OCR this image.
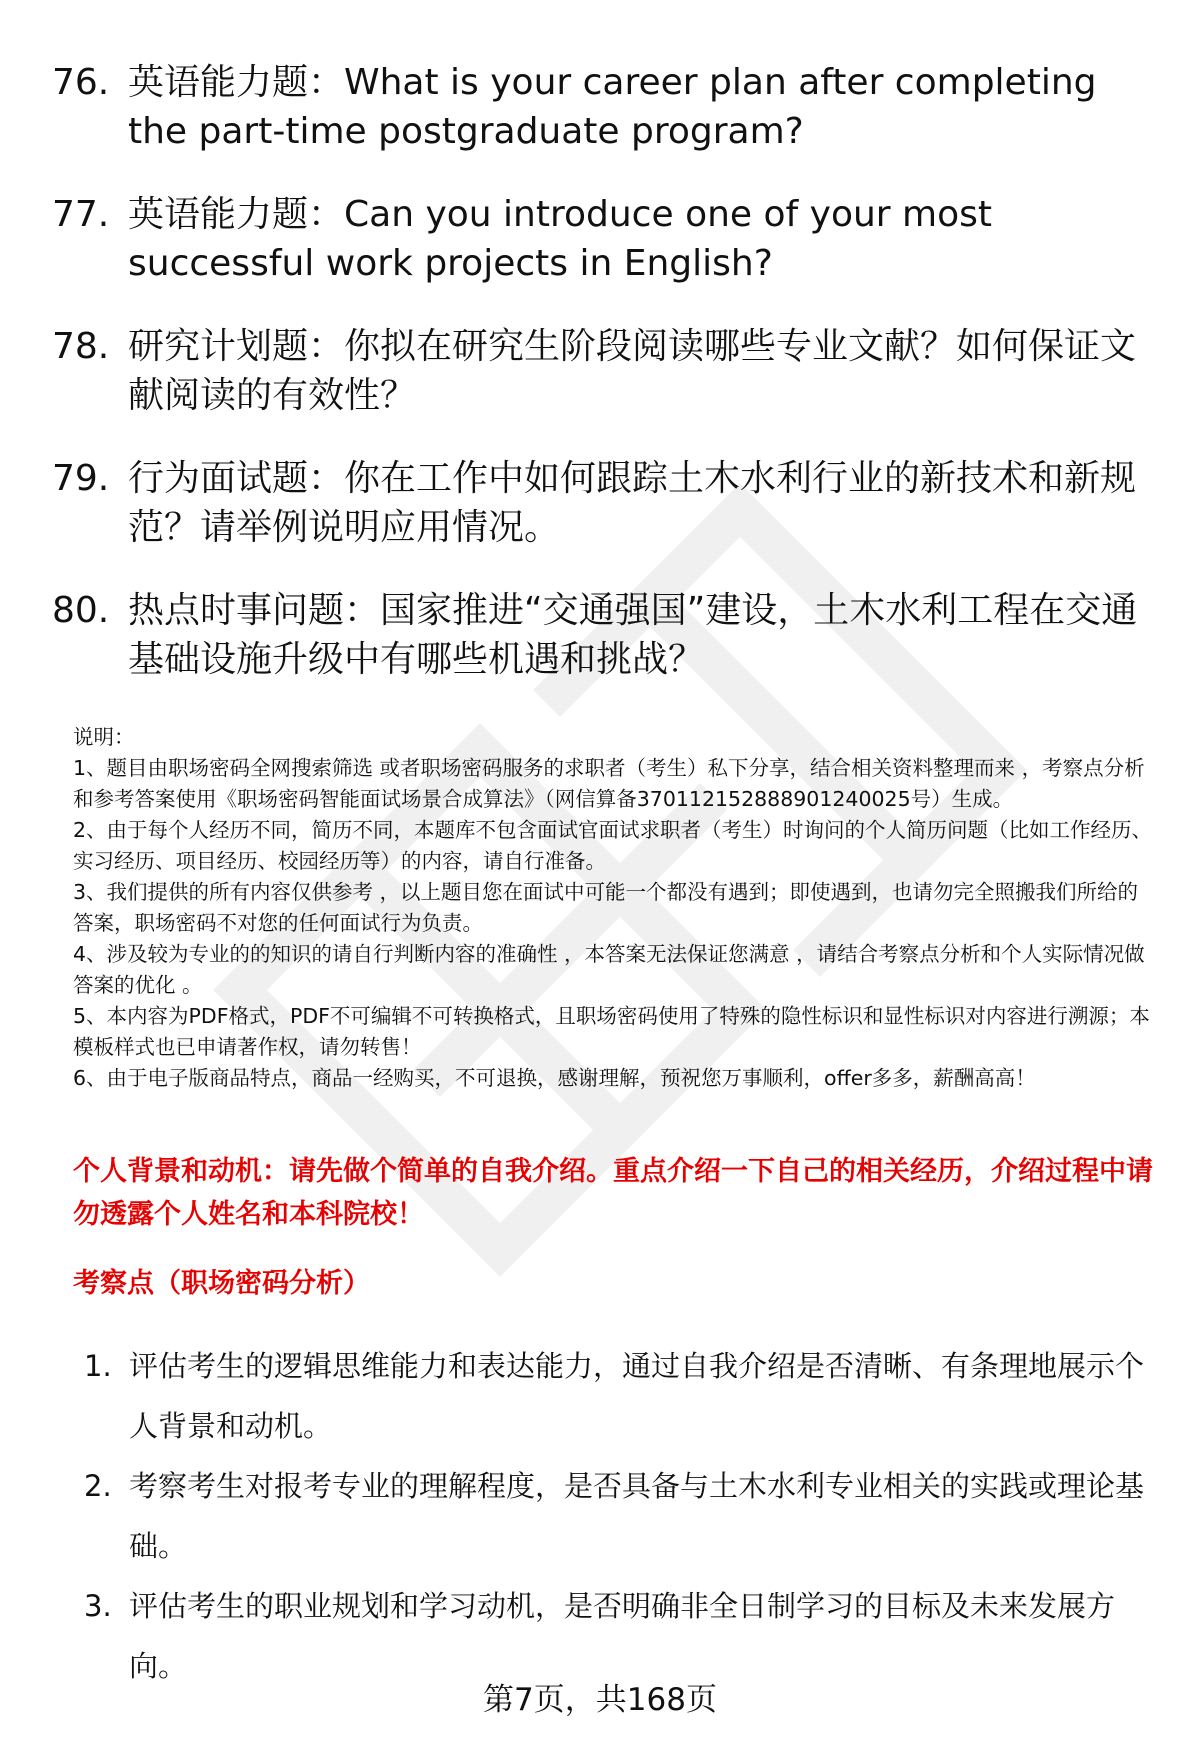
76. 英语能力题：What is your career plan after completing the part-time postgraduate program?
77. 英语能力题：Can you introduce one of your most successful work projects in English?
78. 研究计划题：你拟在研究生阶段阅读哪些专业文献？如何保证文献阅读的有效性？
79. 行为面试题：你在工作中如何跟踪土木水利行业的新技术和新规范？请举例说明应用情况。
80. 热点时事问题：国家推进“交通强国”建设，土木水利工程在交通基础设施升级中有哪些机遇和挑战？

说明：

1、题目由职场密码全网搜索筛选 或者职场密码服务的求职者（考生）私下分享，结合相关资料整理而来 ，考察点分析和参考答案使用《职场密码智能面试场景合成算法》（网信算备370112152888901240025号）生成。

2、由于每个人经历不同，简历不同，本题库不包含面试官面试求职者（考生）时询问的个人简历问题（比如工作经历、实习经历、项目经历、校园经历等）的内容，请自行准备。

3、我们提供的所有内容仅供参考 ，以上题目您在面试中可能一个都没有遇到；即使遇到，也请勿完全照搬我们所给的答案，职场密码不对您的任何面试行为负责。

4、涉及较为专业的的知识的请自行判断内容的准确性 ，本答案无法保证您满意 ，请结合考察点分析和个人实际情况做答案的优化 。

5、本内容为PDF格式，PDF不可编辑不可转换格式，且职场密码使用了特殊的隐性标识和显性标识对内容进行溯源；本模板样式也已申请著作权，请勿转售！

6、由于电子版商品特点，商品一经购买，不可退换，感谢理解，预祝您万事顺利，offer多多，薪酬高高！

个人背景和动机：请先做个简单的自我介绍。重点介绍一下自己的相关经历，介绍过程中请勿透露个人姓名和本科院校！
考察点（职场密码分析）
1. 评估考生的逻辑思维能力和表达能力，通过自我介绍是否清晰、有条理地展示个人背景和动机。
2. 考察考生对报考专业的理解程度，是否具备与土木水利专业相关的实践或理论基础。
3. 评估考生的职业规划和学习动机，是否明确非全日制学习的目标及未来发展方向。
第7页，共168页
